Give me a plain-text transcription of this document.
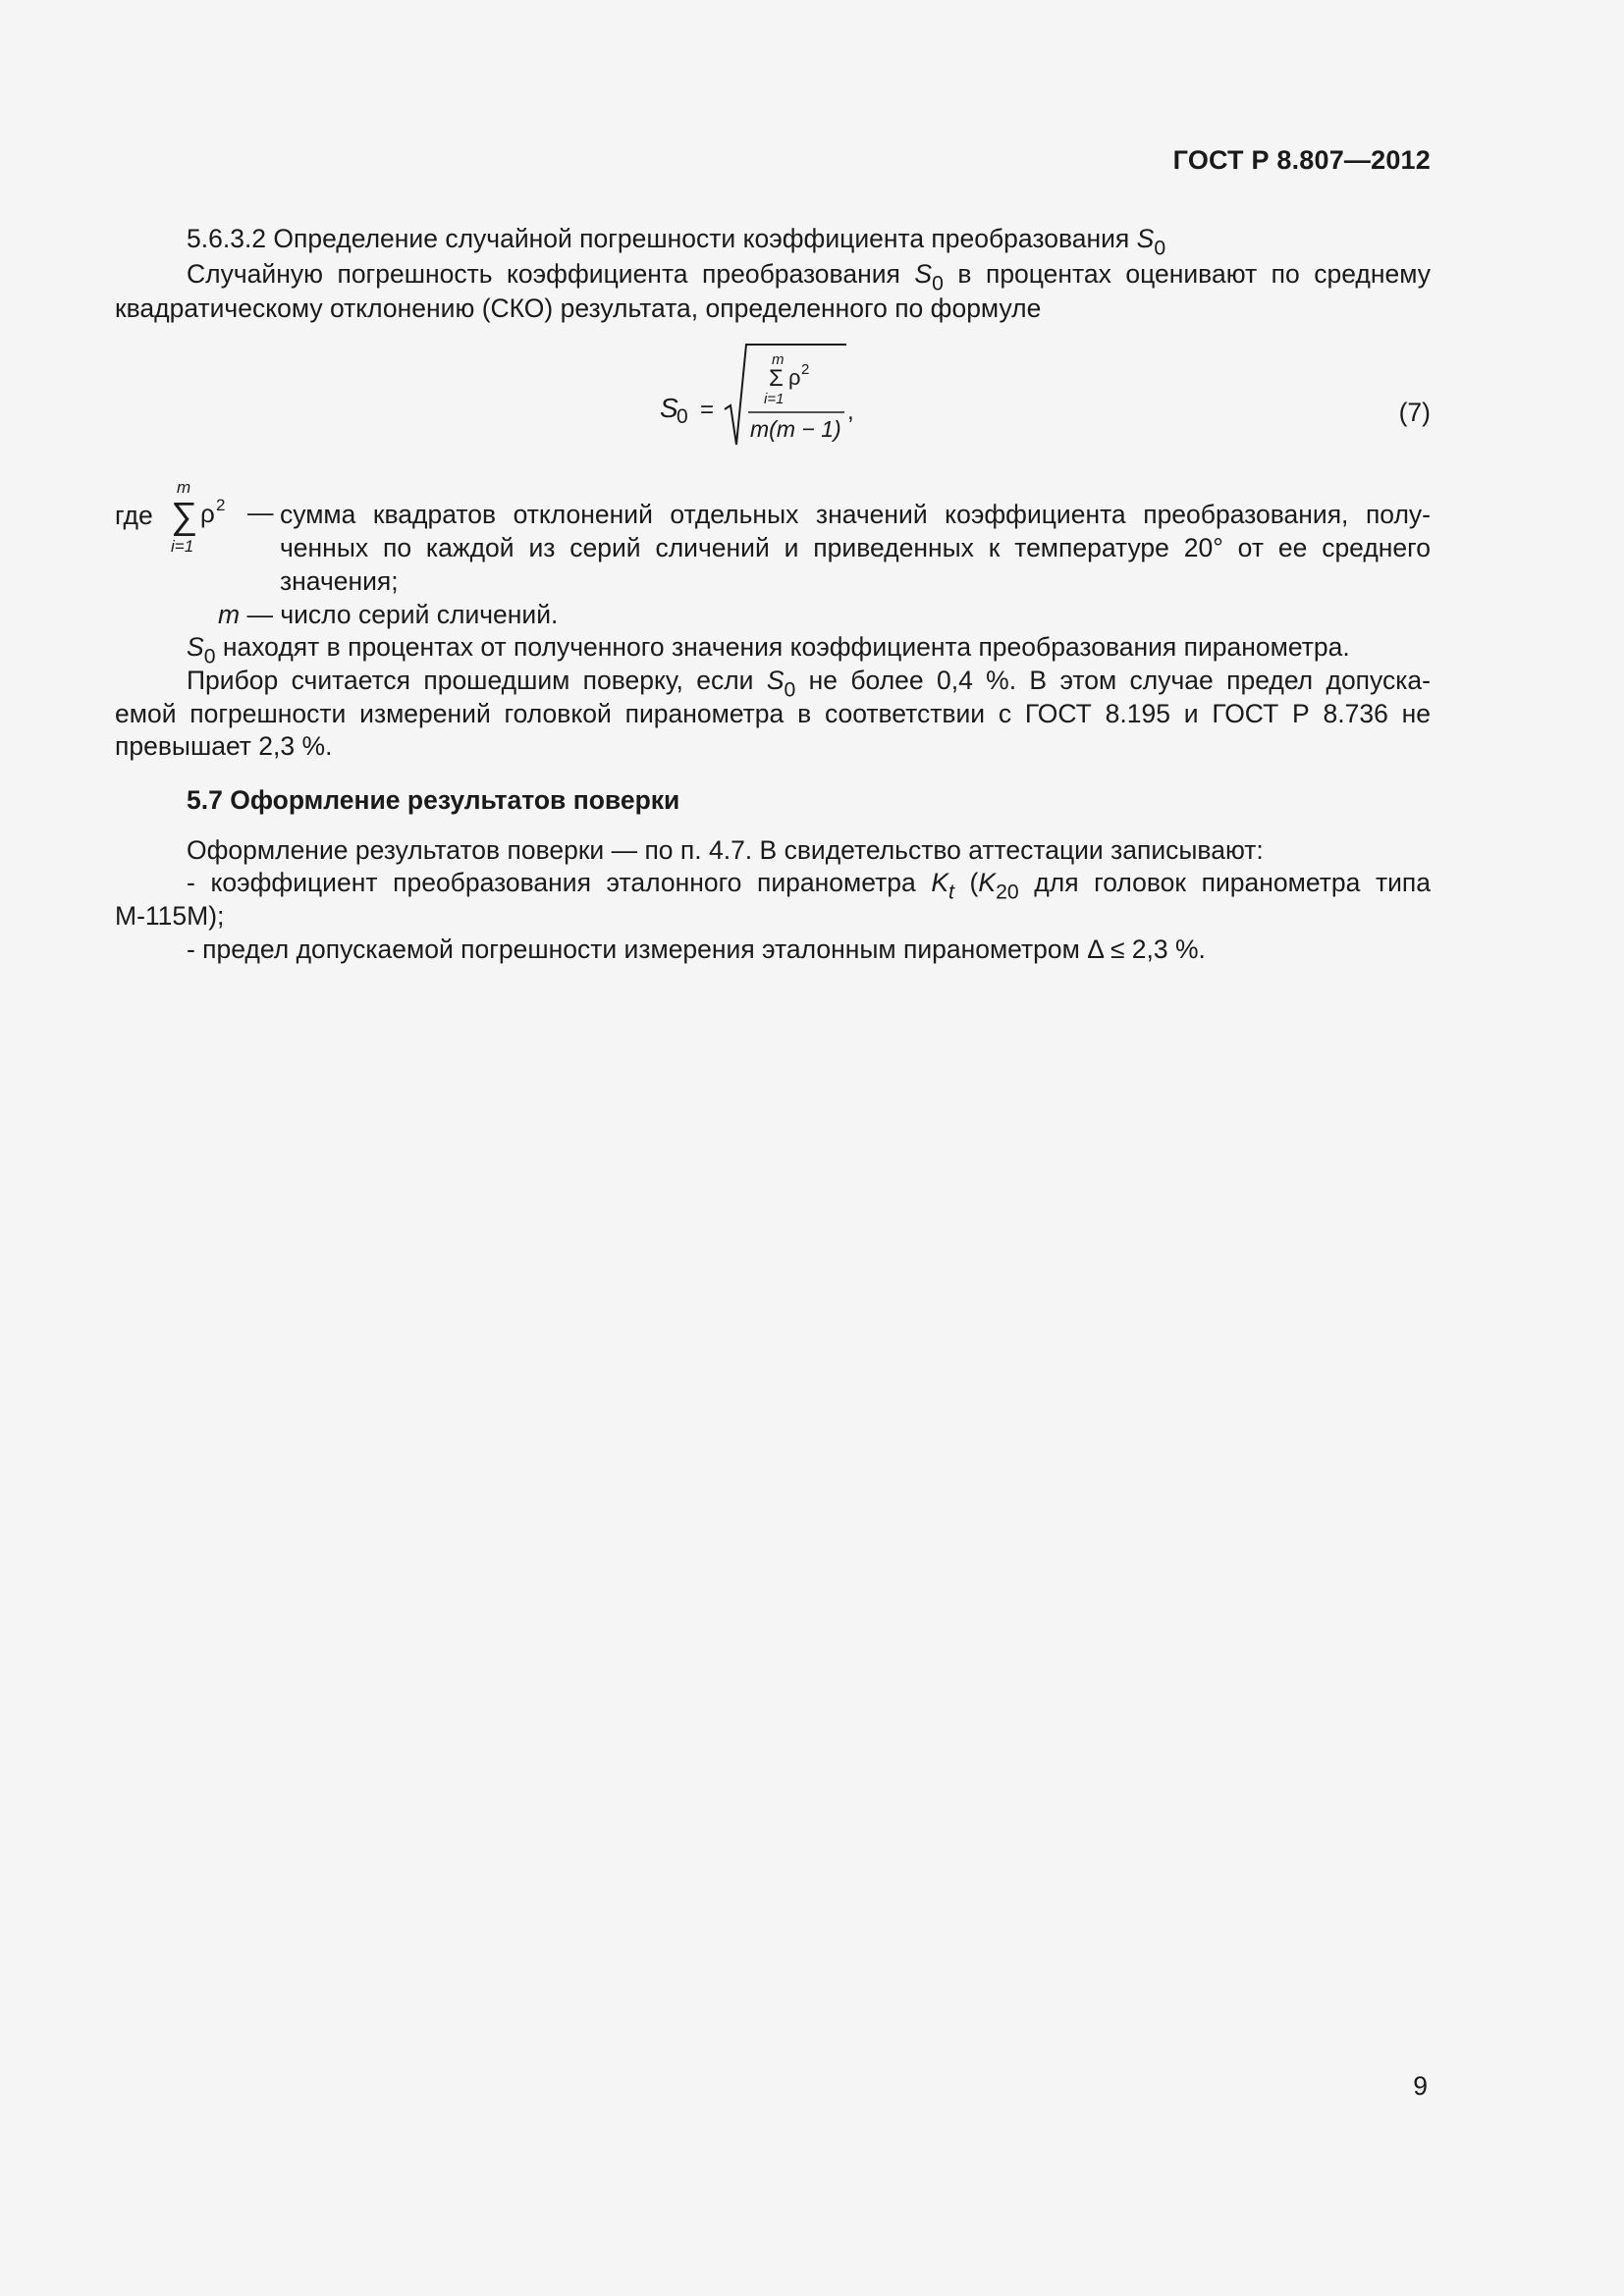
ГОСТ Р 8.807—2012
5.6.3.2 Определение случайной погрешности коэффициента преобразования $S_0$
Случайную погрешность коэффициента преобразования $S_0$ в процентах оценивают по среднему
квадратическому отклонению (СКО) результата, определенного по формуле
S
0 =
m
Σ ρ 2
i=1
m(m − 1)
,	(7)
где
m
∑ ρ 2
i=1
— сумма квадратов отклонений отдельных значений коэффициента преобразования, полу-
ченных по каждой из серий сличений и приведенных к температуре 20° от ее среднего
значения;
m — число серий сличений.
$S_0$ находят в процентах от полученного значения коэффициента преобразования пиранометра.
Прибор считается прошедшим поверку, если $S_0$ не более 0,4 %. В этом случае предел допуска-
емой погрешности измерений головкой пиранометра в соответствии с ГОСТ 8.195 и ГОСТ Р 8.736 не
превышает 2,3 %.
5.7 Оформление результатов поверки
Оформление результатов поверки — по п. 4.7. В свидетельство аттестации записывают:
- коэффициент преобразования эталонного пиранометра $K_t$ ($K_{20}$ для головок пиранометра типа
М-115М);
- предел допускаемой погрешности измерения эталонным пиранометром Δ ≤ 2,3 %.
9
